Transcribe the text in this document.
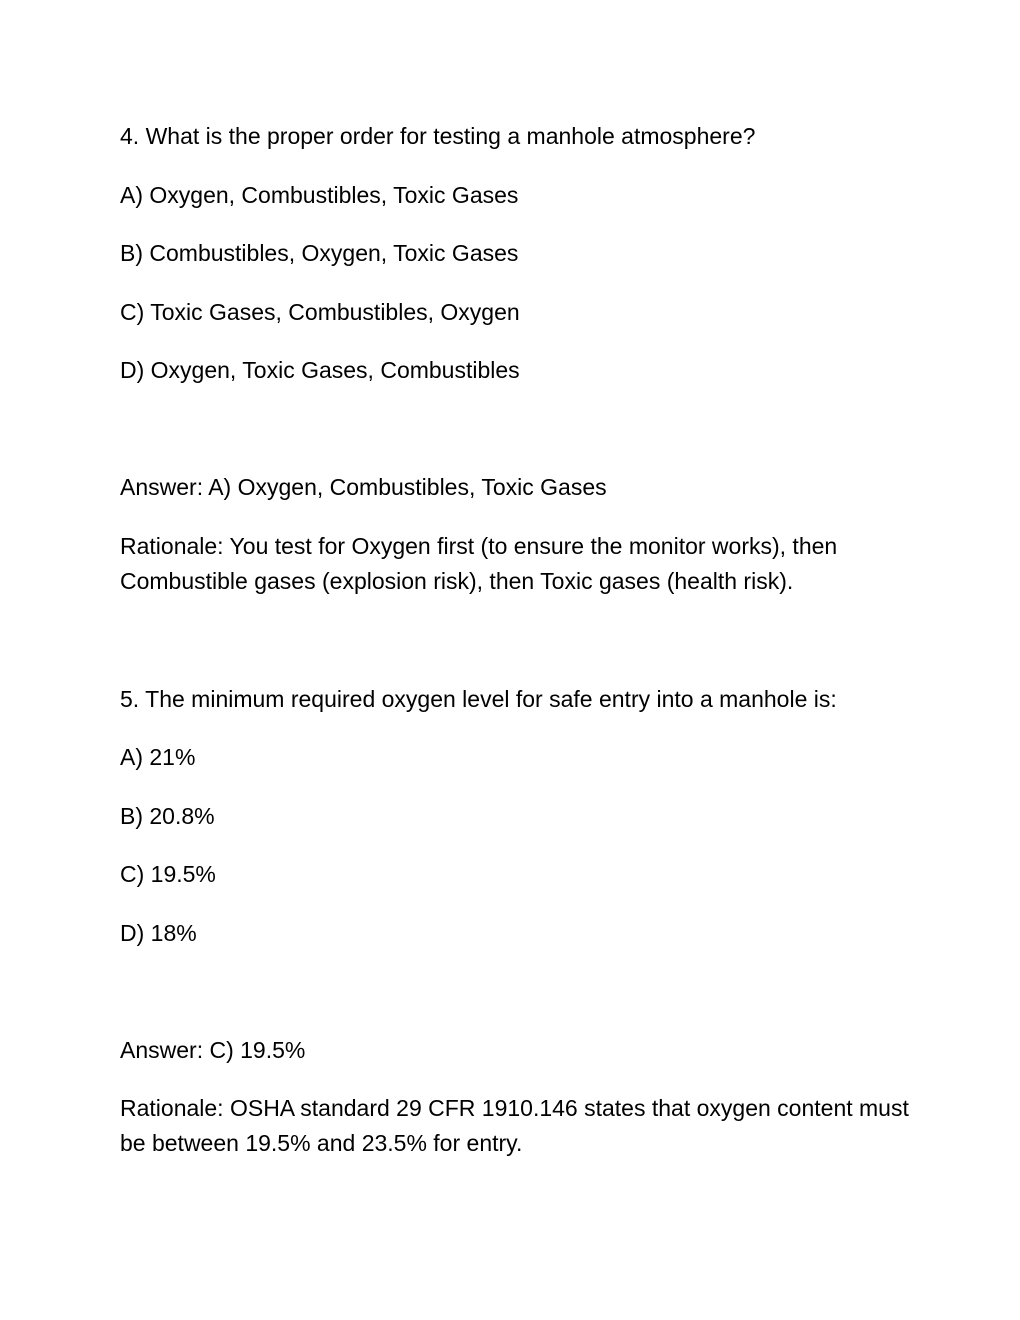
4. What is the proper order for testing a manhole atmosphere?
A) Oxygen, Combustibles, Toxic Gases
B) Combustibles, Oxygen, Toxic Gases
C) Toxic Gases, Combustibles, Oxygen
D) Oxygen, Toxic Gases, Combustibles
Answer: A) Oxygen, Combustibles, Toxic Gases
Rationale: You test for Oxygen first (to ensure the monitor works), then Combustible gases (explosion risk), then Toxic gases (health risk).
5. The minimum required oxygen level for safe entry into a manhole is:
A) 21%
B) 20.8%
C) 19.5%
D) 18%
Answer: C) 19.5%
Rationale: OSHA standard 29 CFR 1910.146 states that oxygen content must be between 19.5% and 23.5% for entry.
